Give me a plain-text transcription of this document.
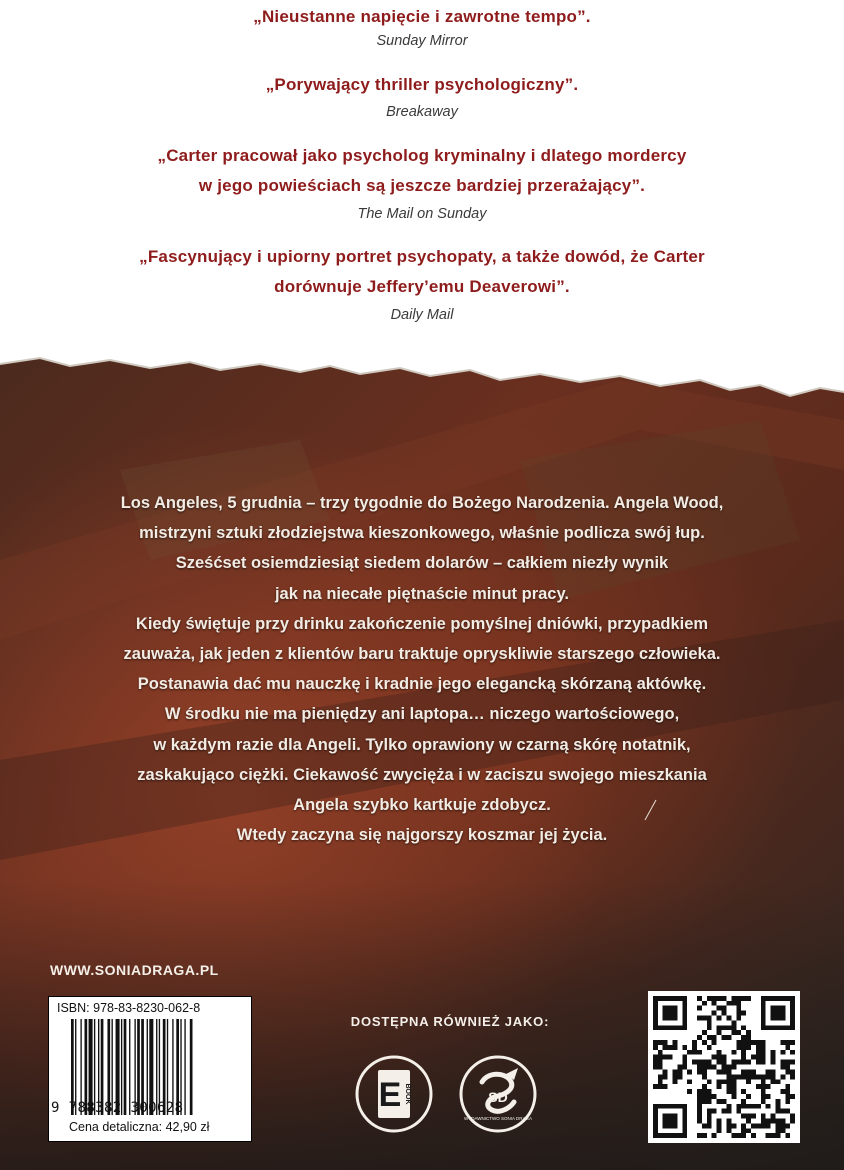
„Nieustanne napięcie i zawrotne tempo”.
Sunday Mirror
„Porywający thriller psychologiczny”.
Breakaway
„Carter pracował jako psycholog kryminalny i dlatego mordercy
w jego powieściach są jeszcze bardziej przerażający”.
The Mail on Sunday
„Fascynujący i upiorny portret psychopaty, a także dowód, że Carter
dorównuje Jeffery’emu Deaverowi”.
Daily Mail
Los Angeles, 5 grudnia – trzy tygodnie do Bożego Narodzenia. Angela Wood,
mistrzyni sztuki złodziejstwa kieszonkowego, właśnie podlicza swój łup.
Sześćset osiemdziesiąt siedem dolarów – całkiem niezły wynik
jak na niecałe piętnaście minut pracy.
Kiedy świętuje przy drinku zakończenie pomyślnej dniówki, przypadkiem
zauważa, jak jeden z klientów baru traktuje opryskliwie starszego człowieka.
Postanawia dać mu nauczkę i kradnie jego elegancką skórzaną aktówkę.
W środku nie ma pieniędzy ani laptopa… niczego wartościowego,
w każdym razie dla Angeli. Tylko oprawiony w czarną skórę notatnik,
zaskakująco ciężki. Ciekawość zwycięża i w zaciszu swojego mieszkania
Angela szybko kartkuje zdobycz.
Wtedy zaczyna się najgorszy koszmar jej życia.
WWW.SONIADRAGA.PL
ISBN: 978-83-8230-062-8
9 788382 300628
Cena detaliczna: 42,90 zł
DOSTĘPNA RÓWNIEŻ JAKO:
E BOOK	SD
WYDAWNICTWO SONIA DRAGA
